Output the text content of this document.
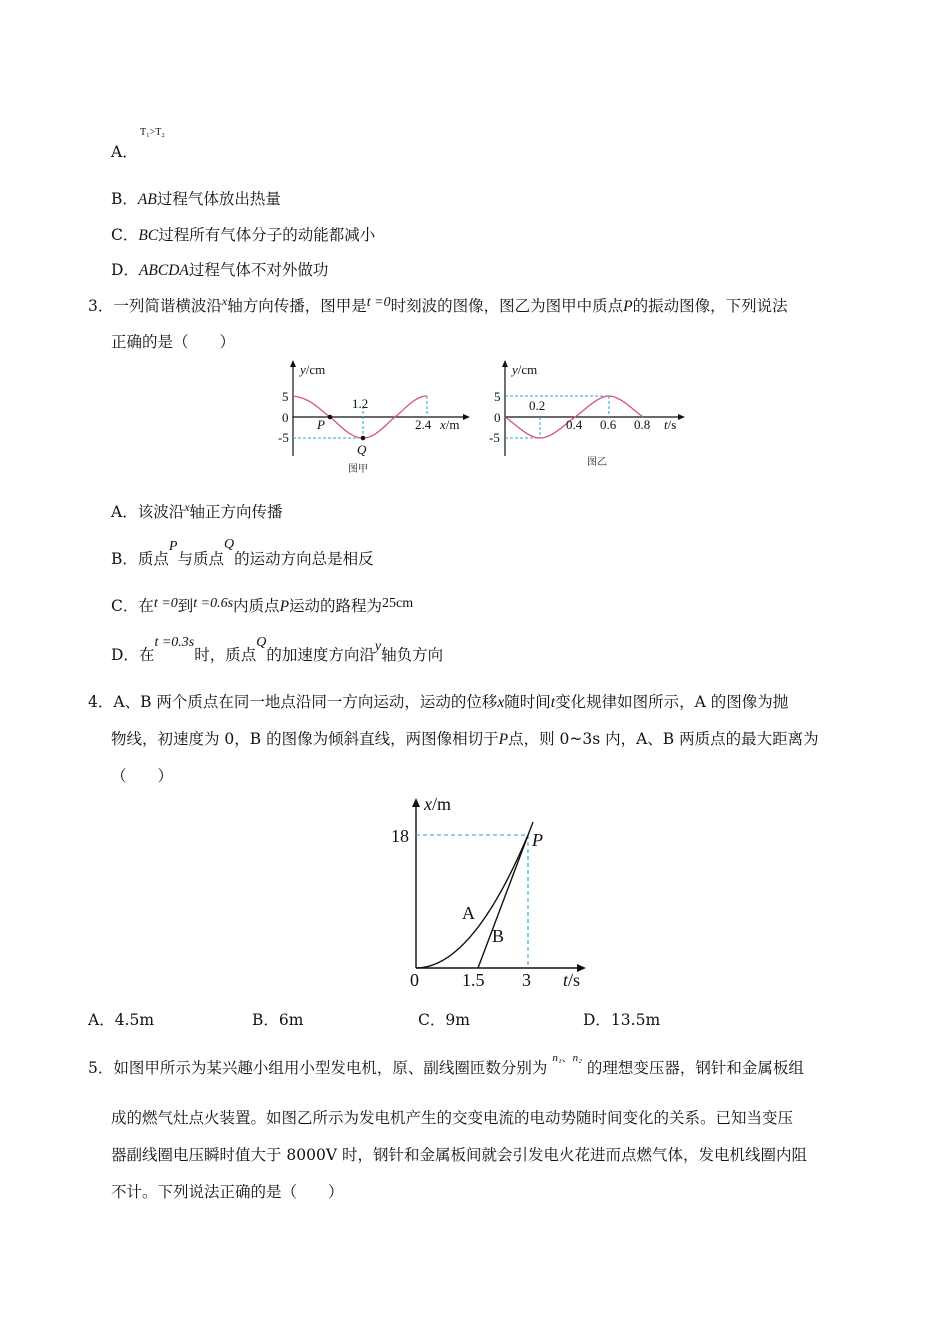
A．
T₁>T₂
B．AB过程气体放出热量
C．BC过程所有气体分子的动能都减小
D．ABCDA过程气体不对外做功
3．一列简谐横波沿$^x$轴方向传播，图甲是t =0时刻波的图像，图乙为图甲中质点P的振动图像，下列说法
正确的是（　　）
y/cm
5
0
-5
1.2
2.4 x/m
P
Q
图甲
y/cm
5
0
-5
0.2
0.4 0.6 0.8 t/s
图乙
A．该波沿$^x$轴正方向传播
B．质点P与质点Q的运动方向总是相反
C．在t =0到t =0.6s内质点P运动的路程为25cm
D．在t =0.3s时，质点Q的加速度方向沿y轴负方向
4．A、B 两个质点在同一地点沿同一方向运动，运动的位移x随时间t变化规律如图所示，A 的图像为抛
物线，初速度为 0，B 的图像为倾斜直线，两图像相切于P点，则 0~3s 内，A、B 两质点的最大距离为
（　　）
x/m
18
0 1.5 3 t/s
P
A
B
A．4.5m	B．6m	C．9m	D．13.5m
5．如图甲所示为某兴趣小组用小型发电机，原、副线圈匝数分别为 $^{n_1、n_2}$ 的理想变压器，钢针和金属板组
成的燃气灶点火装置。如图乙所示为发电机产生的交变电流的电动势随时间变化的关系。已知当变压
器副线圈电压瞬时值大于 8000V 时，钢针和金属板间就会引发电火花进而点燃气体，发电机线圈内阻
不计。下列说法正确的是（　　）
